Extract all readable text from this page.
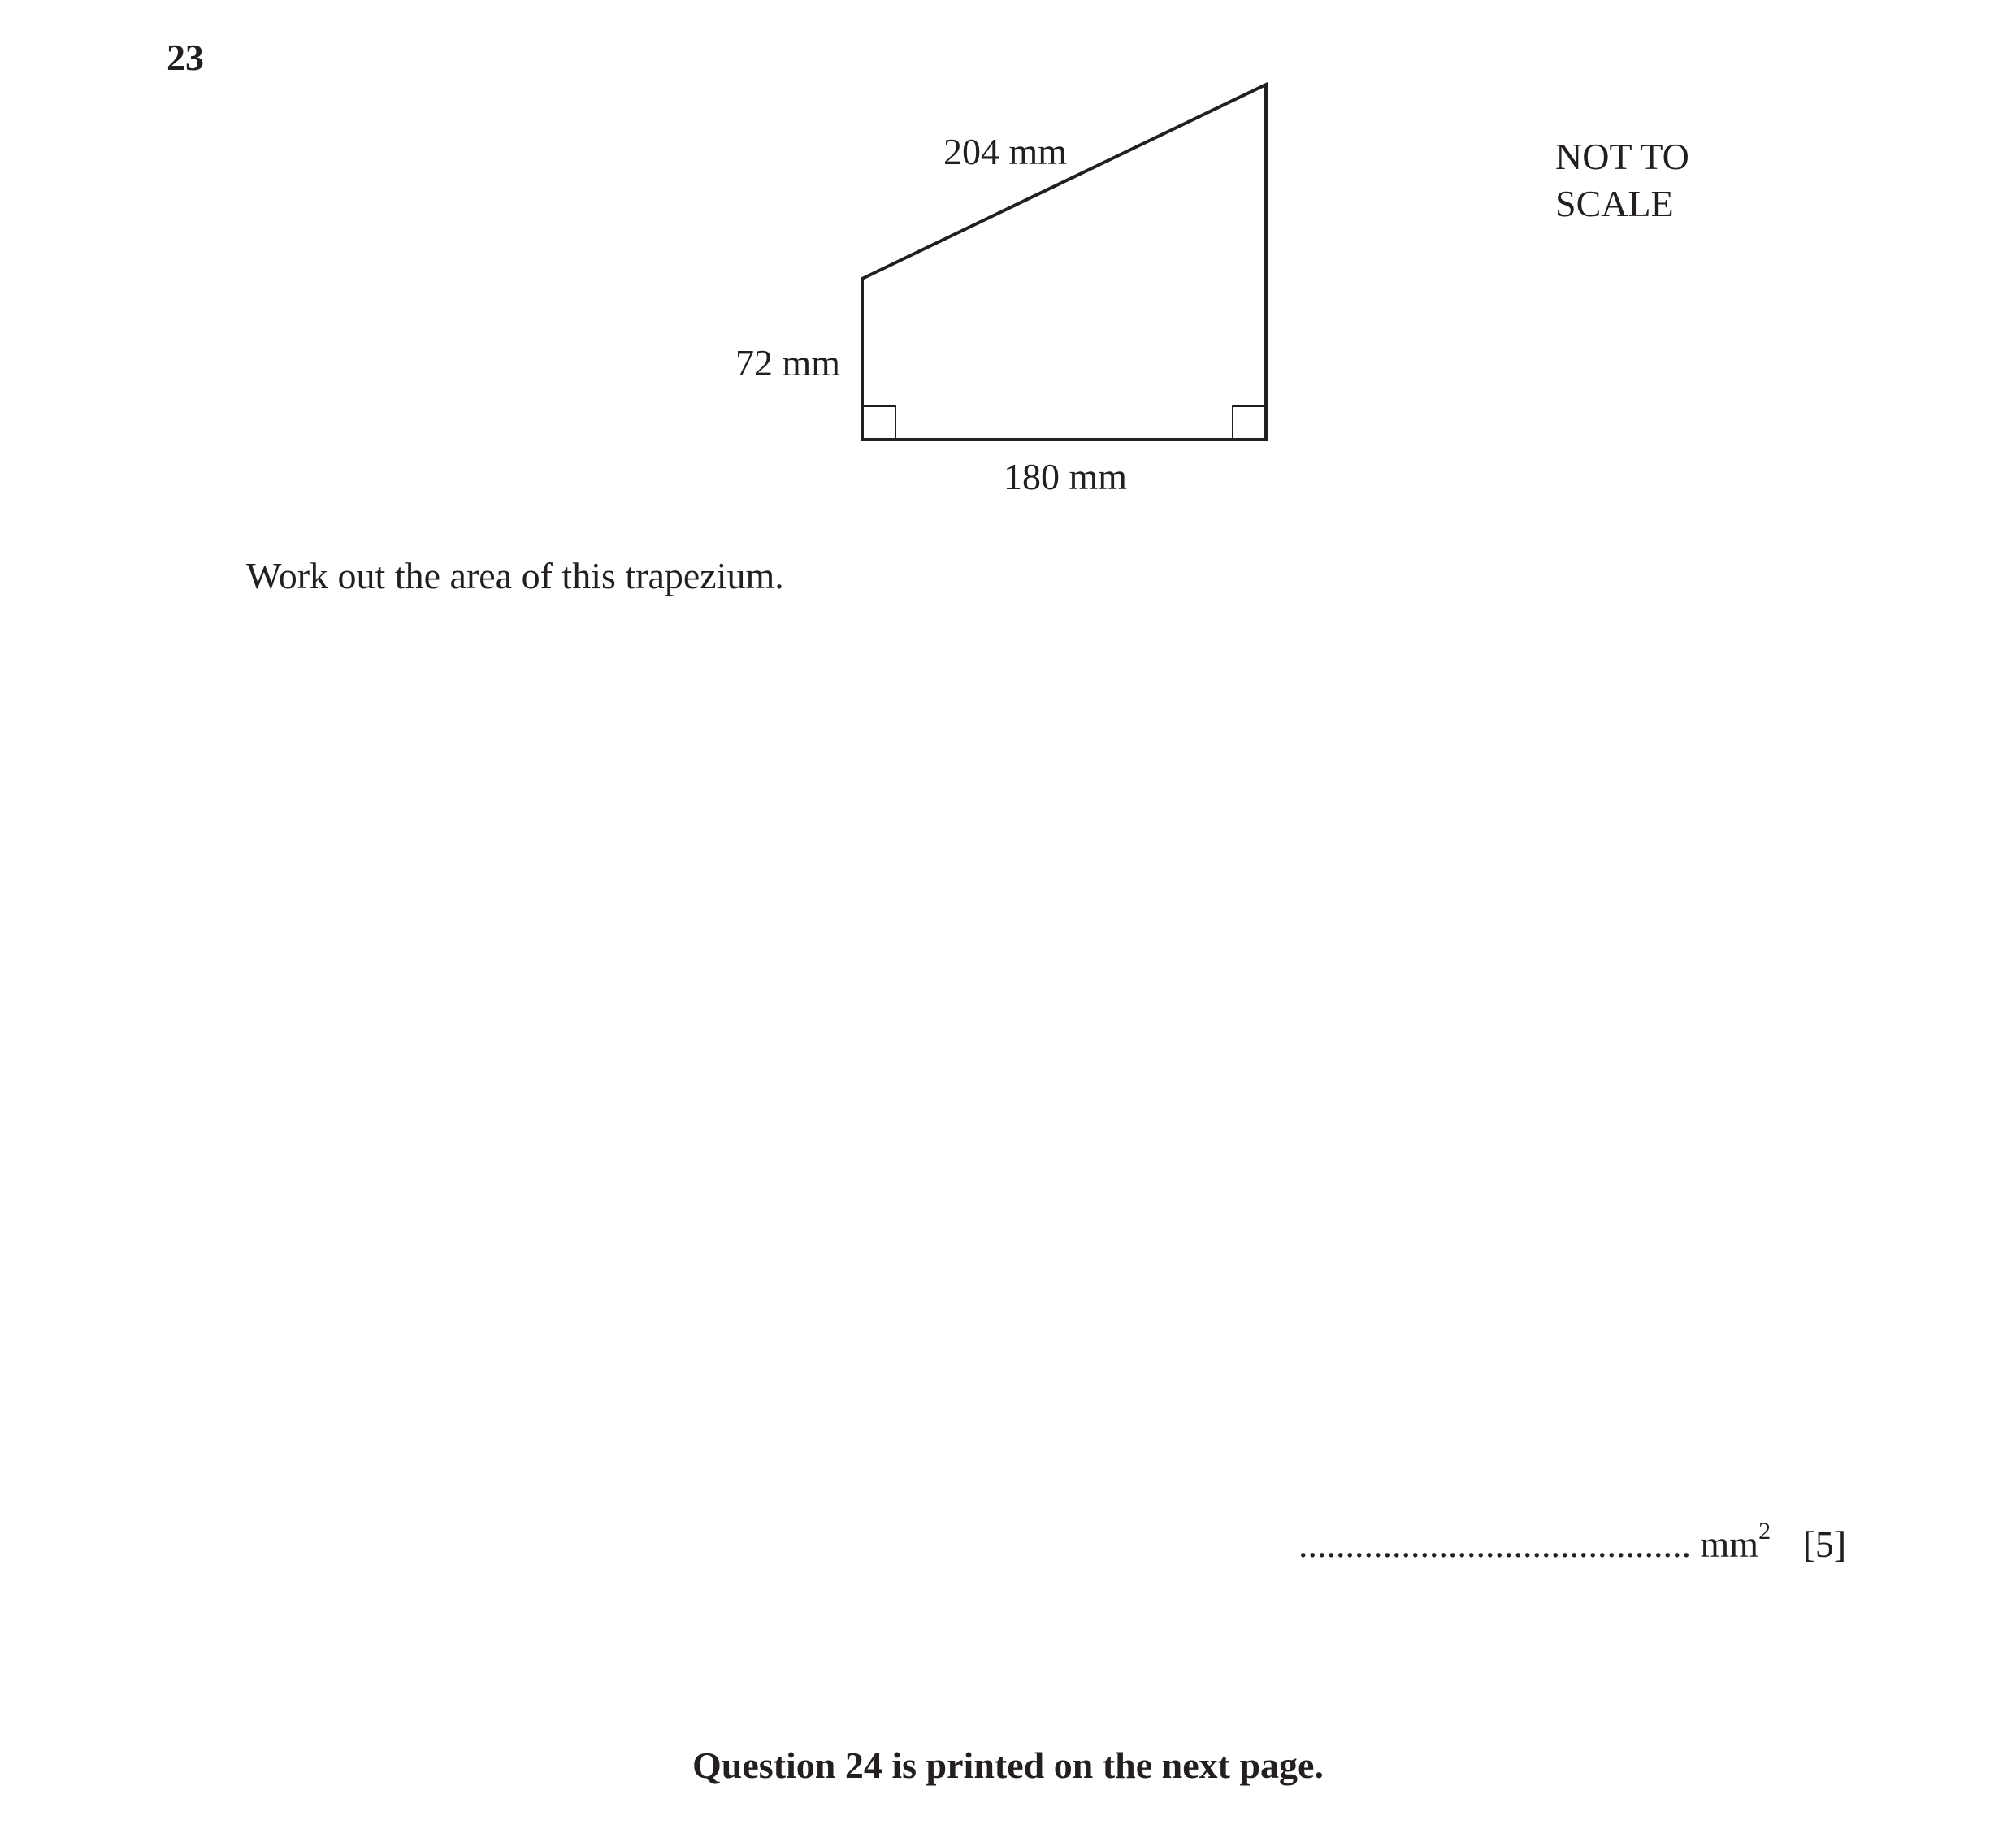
23
204 mm
72 mm
180 mm
NOT TO
SCALE
Work out the area of this trapezium.
.......................................... $mm^2$ [5]
Question 24 is printed on the next page.
